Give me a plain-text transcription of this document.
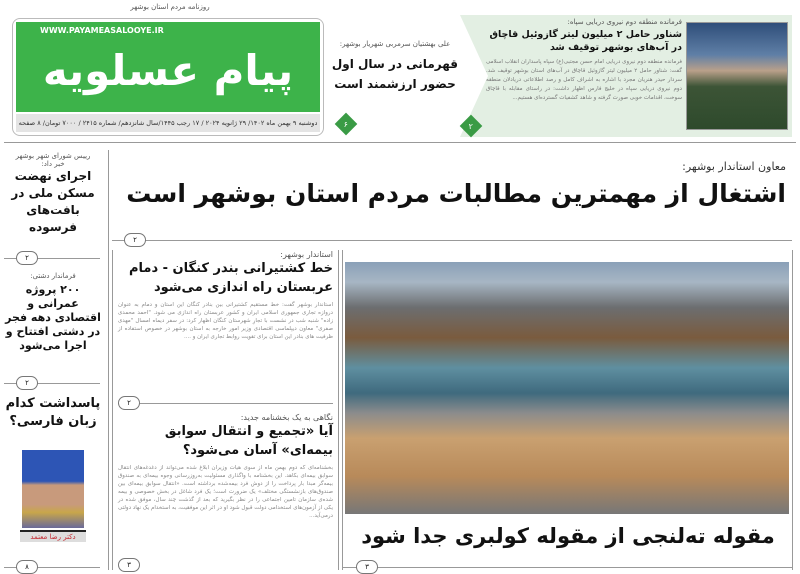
روزنامه مردم استان بوشهر
WWW.PAYAMEASALOOYE.IR
پیام عسلویه
دوشنبه ۹ بهمن ماه ۱۴۰۲/ ۲۹ ژانویه ۲۰۲۴ / ۱۷ رجب ۱۴۴۵/سال شانزدهم/ شماره ۲۴۱۵ / ۷۰۰۰ تومان/ ۸ صفحه
علی بهشتیان سرمربی شهریار بوشهر:
قهرمانی در سال اول
حضور ارزشمند است
۶
فرمانده منطقه دوم نیروی دریایی سپاه:
شناور حامل ۲ میلیون لیتر گازوئیل قاچاق
در آب‌های بوشهر توقیف شد

فرمانده منطقه دوم نیروی دریایی امام حسن مجتبی(ع) سپاه پاسداران انقلاب اسلامی گفت: شناور حامل ۲ میلیون لیتر گازوئیل قاچاق در آب‌های استان بوشهر توقیف شد. سردار حیدر هنریان مجرد با اشاره به اشراف کامل و رصد اطلاعاتی دریادلان منطقه دوم نیروی دریایی سپاه در خلیج فارس اظهار داشت: در راستای مقابله با قاچاق سوخت، اقدامات خوبی صورت گرفته و شاهد کشفیات گسترده‌ای هستیم...

۲
معاون استاندار بوشهر:
اشتغال از مهمترین مطالبات مردم استان بوشهر است
۲
رییس شورای شهر بوشهر
خبر داد:
اجرای نهضت مسکن ملی در بافت‌های فرسوده
۲
فرماندار دشتی:
۲۰۰ پروژه عمرانی و اقتصادی دهه فجر در دشتی افتتاح و اجرا می‌شود
۲
پاسداشت کدام زبان فارسی؟
دکتر رضا معتمد
۸
استاندار بوشهر:
خط کشتیرانی بندر کنگان - دمام عربستان راه اندازی می‌شود

استاندار بوشهر گفت: خط مستقیم کشتیرانی بین بنادر کنگان این استان و دمام به عنوان دروازه تجاری جمهوری اسلامی ایران و کشور عربستان راه اندازی می شود. "احمد محمدی زاده" شنبه شب در نشست با تجارِ شهرستان کنگان اظهار کرد: در سفر دیماه امسال "مهدی صفری" معاون دیپلماسی اقتصادی وزیر امور خارجه به استان بوشهر در خصوص استفاده از ظرفیت های بنادر این استان برای تقویت روابط تجاری ایران و ....

۲
نگاهی به یک بخشنامه جدید:
آیا «تجمیع و انتقال سوابق بیمه‌ای» آسان می‌شود؟

بخشنامه‌ای که دوم بهمن ماه از سوی هیات وزیران ابلاغ شده می‌تواند از دغدغه‌های انتقال سوابق بیمه‌ای بکاهد. این بخشنامه با واگذاری مسئولیت به‌روزرسانی وجوه بیمه‌ای به صندوق بیمه‌گر مبدا بار پرداخت را از دوش فرد بیمه‌شده برداشته است. «انتقال سوابق بیمه‌ای بین صندوق‌های بازنشستگی مختلف» یک ضرورت است؛ یک فرد شاغل در بخش خصوصی و بیمه شده‌ی سازمان تامین اجتماعی را در نظر بگیرید که بعد از گذشت چند سال، موفق شده در یکی از آزمون‌های استخدامی دولت قبول شود او در اثر این موفقیت، به استخدام یک نهاد دولتی درمی‌آید...

۳
مقوله ته‌لنجی از مقوله کولبری جدا شود
۳
